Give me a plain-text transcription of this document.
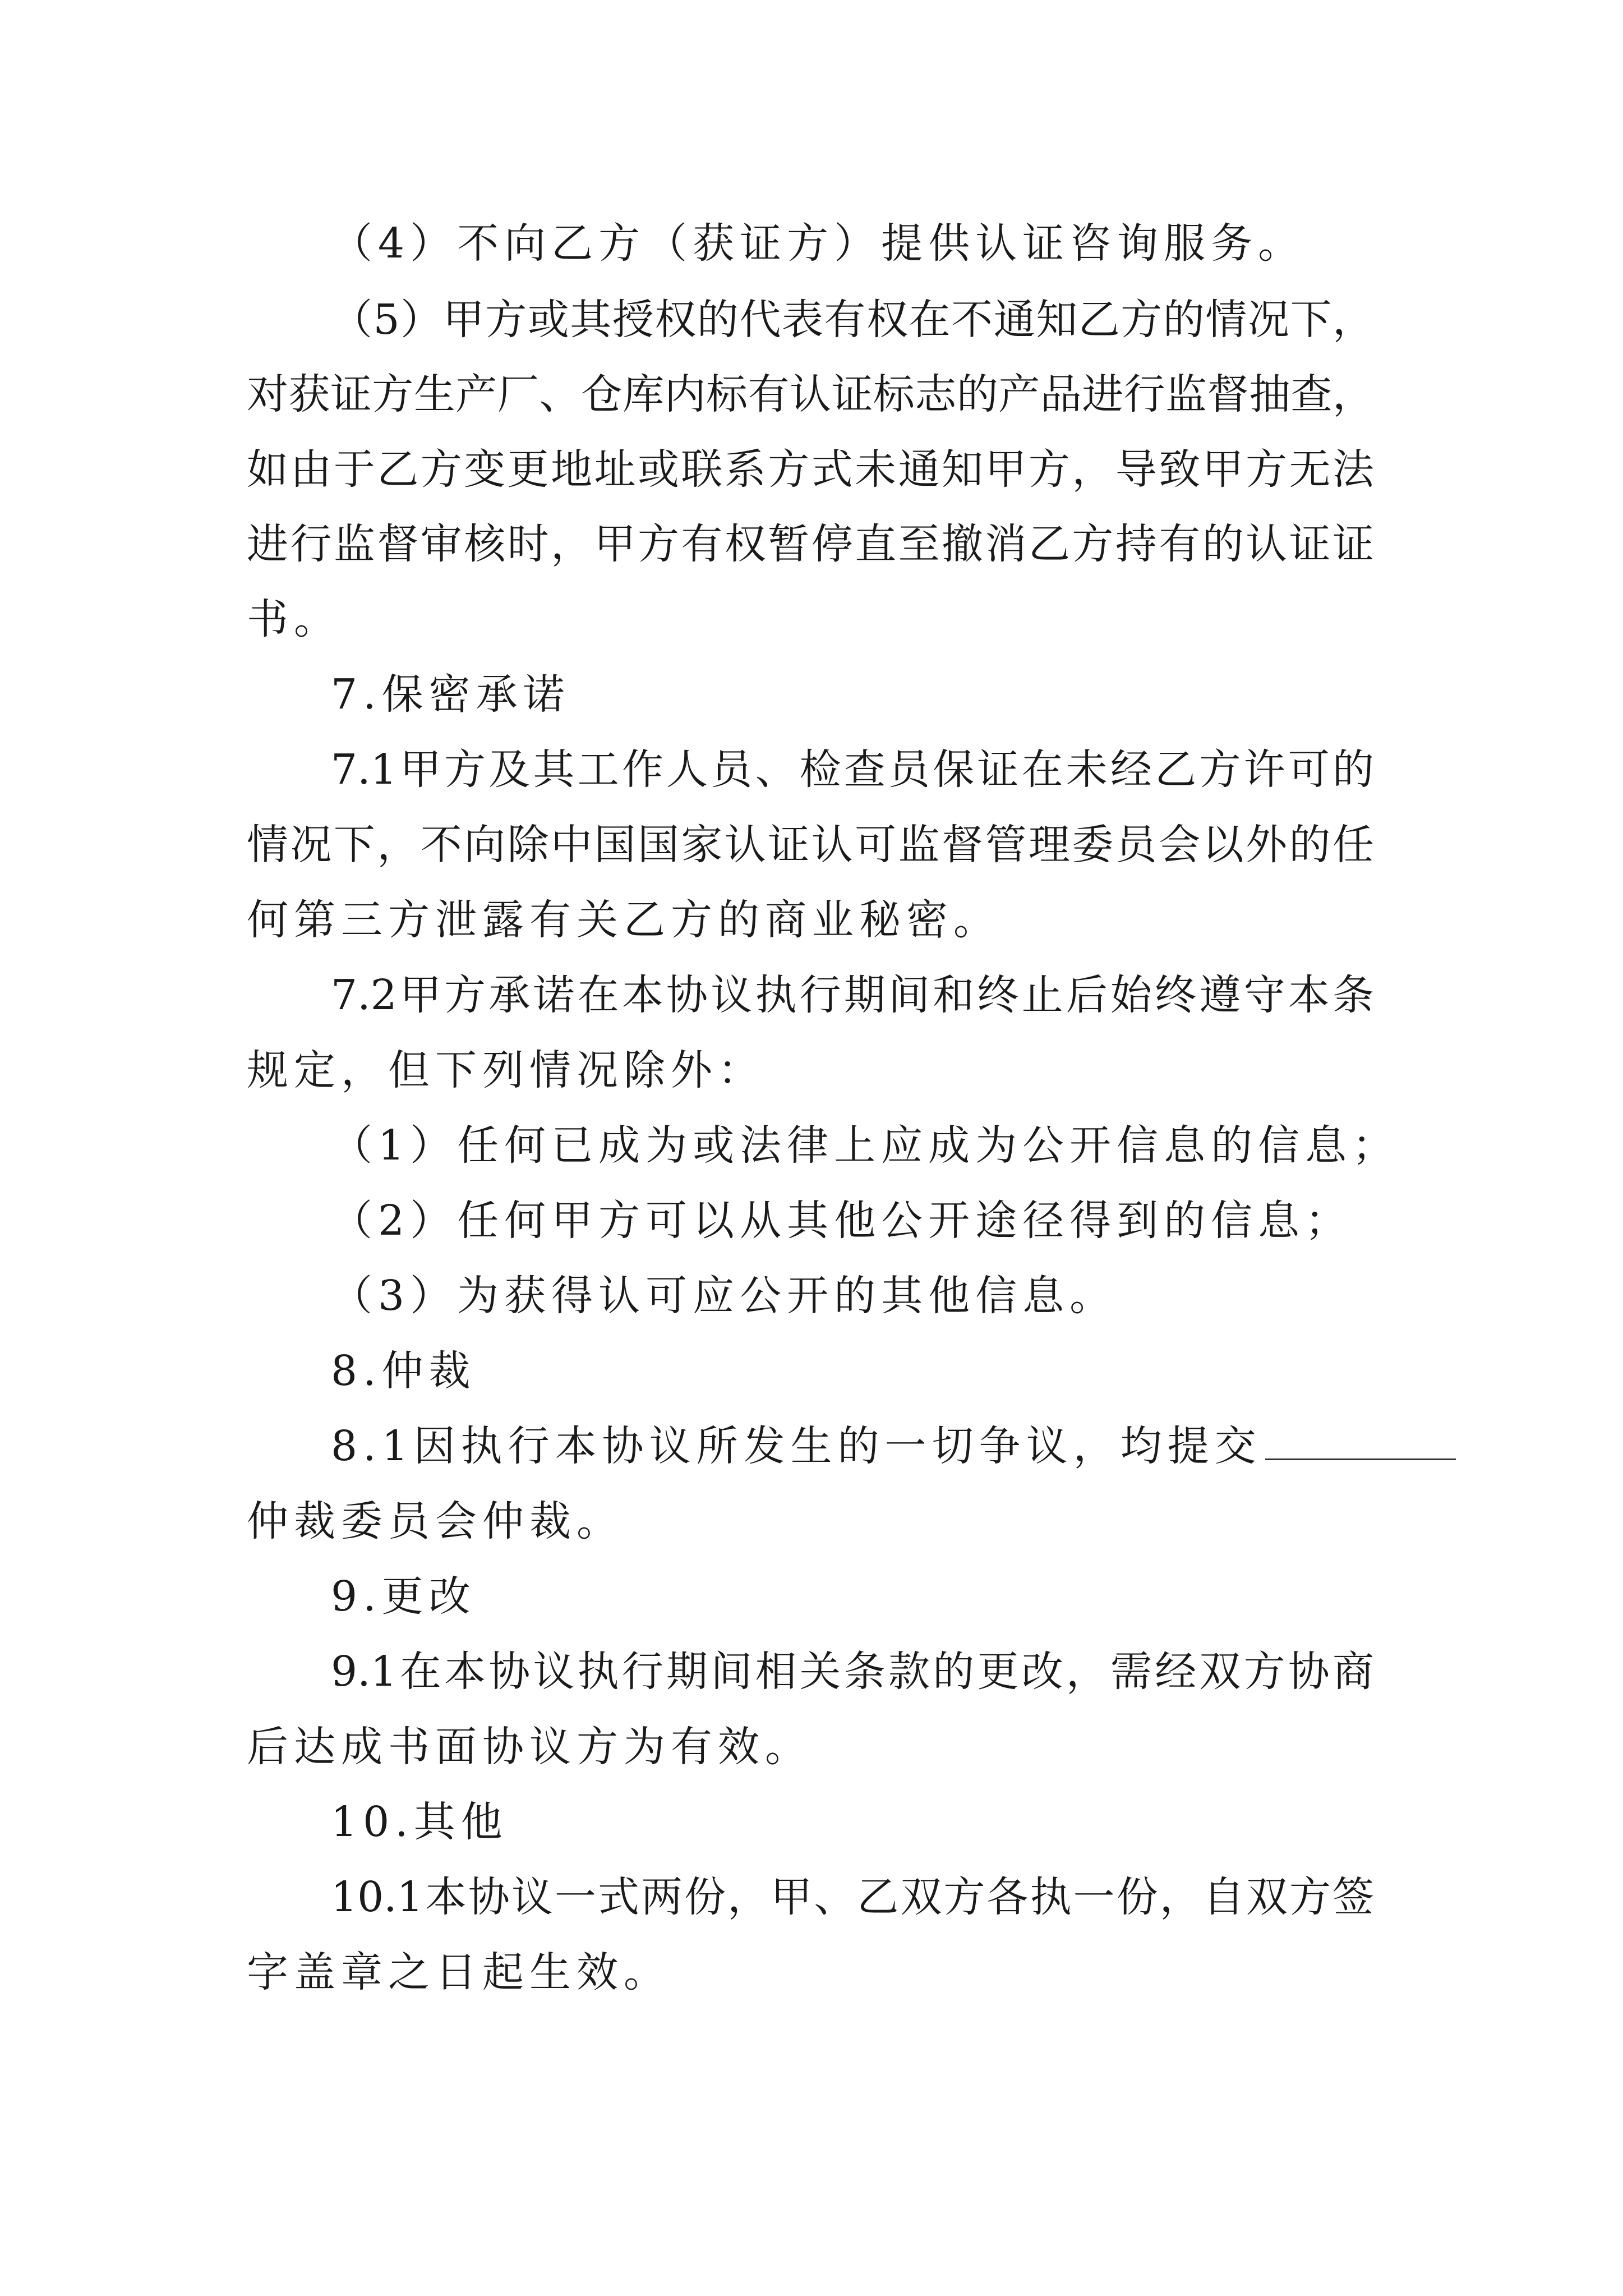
（4）不向乙方（获证方）提供认证咨询服务。
（5）甲方或其授权的代表有权在不通知乙方的情况下，
对获证方生产厂、仓库内标有认证标志的产品进行监督抽查，
如由于乙方变更地址或联系方式未通知甲方，导致甲方无法
进行监督审核时，甲方有权暂停直至撤消乙方持有的认证证
书。
7.保密承诺
7.1甲方及其工作人员、检查员保证在未经乙方许可的
情况下，不向除中国国家认证认可监督管理委员会以外的任
何第三方泄露有关乙方的商业秘密。
7.2甲方承诺在本协议执行期间和终止后始终遵守本条
规定，但下列情况除外：
（1）任何已成为或法律上应成为公开信息的信息；
（2）任何甲方可以从其他公开途径得到的信息；
（3）为获得认可应公开的其他信息。
8.仲裁
8.1因执行本协议所发生的一切争议，均提交
仲裁委员会仲裁。
9.更改
9.1在本协议执行期间相关条款的更改，需经双方协商
后达成书面协议方为有效。
10.其他
10.1本协议一式两份，甲、乙双方各执一份，自双方签
字盖章之日起生效。
